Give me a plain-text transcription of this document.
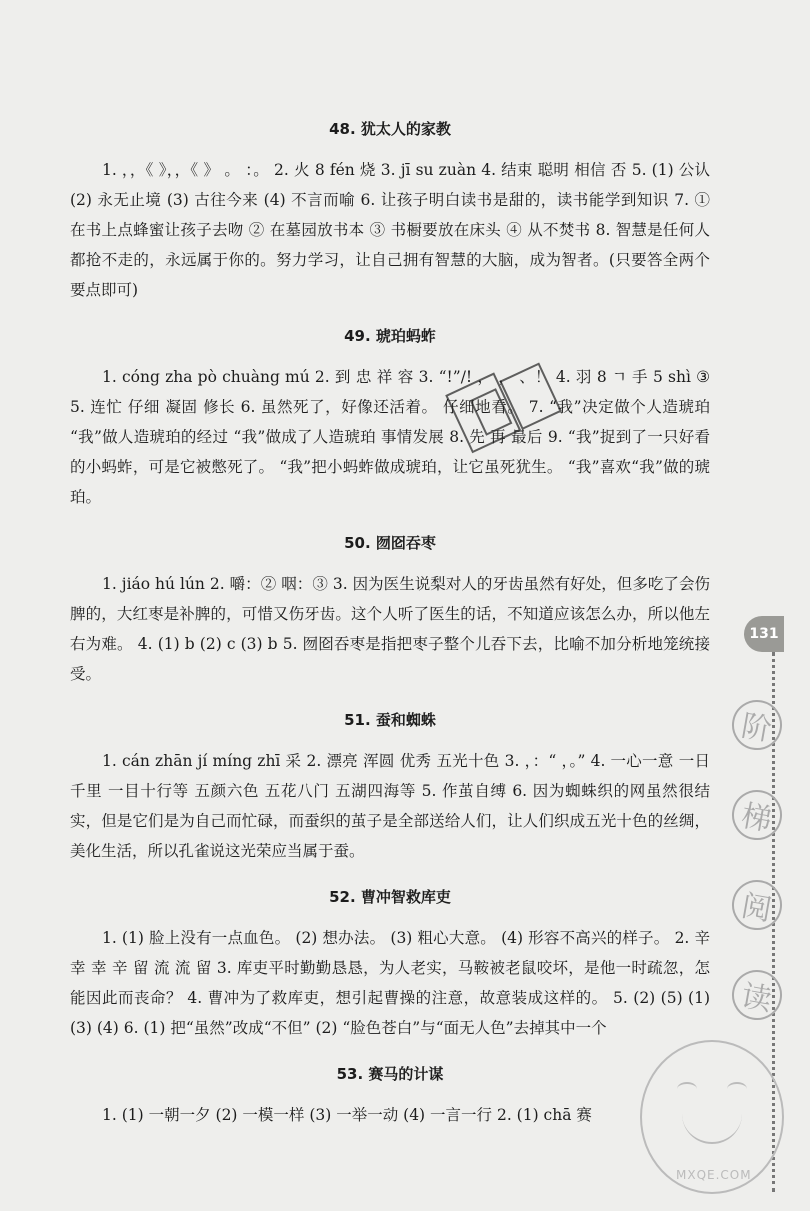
48. 犹太人的家教

1. ，，《 》，，《 》 。 ：。 2. 火 8 fén 烧 3. jī su zuàn 4. 结束 聪明 相信 否 5. (1) 公认 (2) 永无止境 (3) 古往今来 (4) 不言而喻 6. 让孩子明白读书是甜的，读书能学到知识 7. ① 在书上点蜂蜜让孩子去吻 ② 在墓园放书本 ③ 书橱要放在床头 ④ 从不焚书 8. 智慧是任何人都抢不走的，永远属于你的。努力学习，让自己拥有智慧的大脑，成为智者。(只要答全两个要点即可)

49. 琥珀蚂蚱

1. cóng zha pò chuàng mú 2. 到 忠 祥 容 3. “!”/! ， ， 、！ 4. 羽 8 ㄱ 手 5 shì ③ 5. 连忙 仔细 凝固 修长 6. 虽然死了，好像还活着。 仔细地看。 7. “我”决定做个人造琥珀 “我”做人造琥珀的经过 “我”做成了人造琥珀 事情发展 8. 先 再 最后 9. “我”捉到了一只好看的小蚂蚱，可是它被憋死了。 “我”把小蚂蚱做成琥珀，让它虽死犹生。 “我”喜欢“我”做的琥珀。

50. 囫囵吞枣

1. jiáo hú lún 2. 嚼：② 咽：③ 3. 因为医生说梨对人的牙齿虽然有好处，但多吃了会伤脾的，大红枣是补脾的，可惜又伤牙齿。这个人听了医生的话，不知道应该怎么办，所以他左右为难。 4. (1) b (2) c (3) b 5. 囫囵吞枣是指把枣子整个儿吞下去，比喻不加分析地笼统接受。

51. 蚕和蜘蛛

1. cán zhān jí míng zhī 采 2. 漂亮 浑圆 优秀 五光十色 3. ，：“ ，。” 4. 一心一意 一日千里 一目十行等 五颜六色 五花八门 五湖四海等 5. 作茧自缚 6. 因为蜘蛛织的网虽然很结实，但是它们是为自己而忙碌，而蚕织的茧子是全部送给人们，让人们织成五光十色的丝绸，美化生活，所以孔雀说这光荣应当属于蚕。

52. 曹冲智救库吏

1. (1) 脸上没有一点血色。 (2) 想办法。 (3) 粗心大意。 (4) 形容不高兴的样子。 2. 辛 幸 幸 辛 留 流 流 留 3. 库吏平时勤勤恳恳，为人老实，马鞍被老鼠咬坏，是他一时疏忽，怎能因此而丧命？ 4. 曹冲为了救库吏，想引起曹操的注意，故意装成这样的。 5. (2) (5) (1) (3) (4) 6. (1) 把“虽然”改成“不但” (2) “脸色苍白”与“面无人色”去掉其中一个

53. 赛马的计谋

1. (1) 一朝一夕 (2) 一模一样 (3) 一举一动 (4) 一言一行 2. (1) chā 赛

131
阶
梯
阅
读
MXQE.COM
